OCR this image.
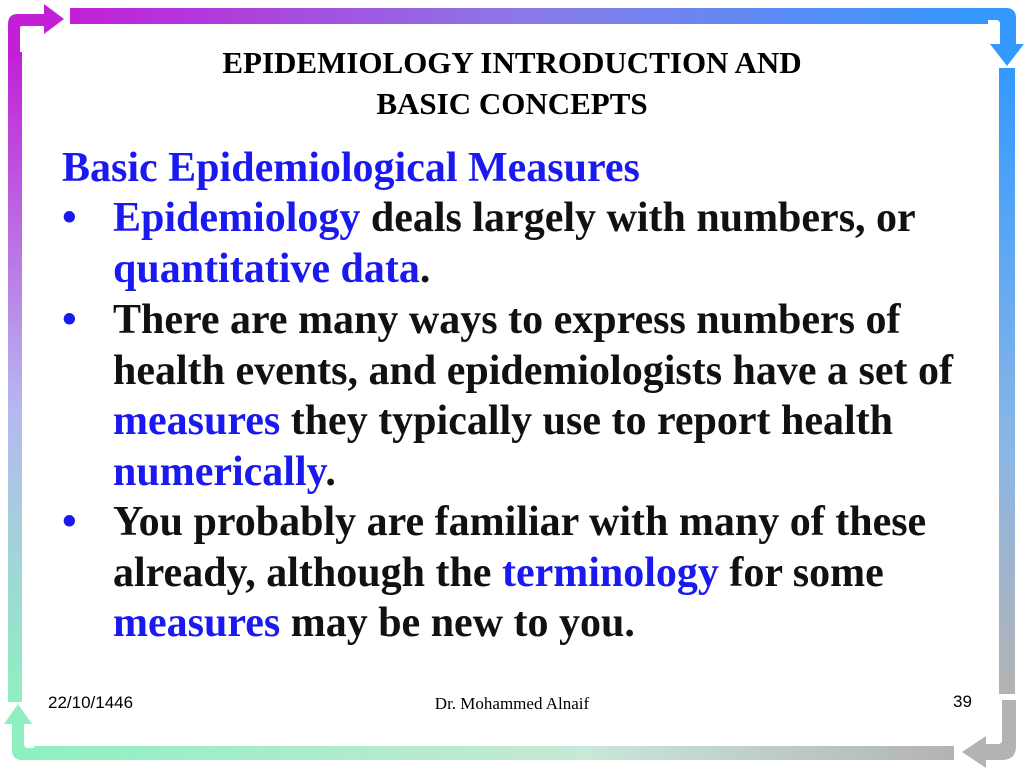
EPIDEMIOLOGY INTRODUCTION AND
BASIC CONCEPTS
Basic Epidemiological Measures
• Epidemiology deals largely with numbers, or quantitative data.
• There are many ways to express numbers of health events, and epidemiologists have a set of measures they typically use to report health numerically.
• You probably are familiar with many of these already, although the terminology for some measures may be new to you.
22/10/1446	Dr. Mohammed Alnaif	39
